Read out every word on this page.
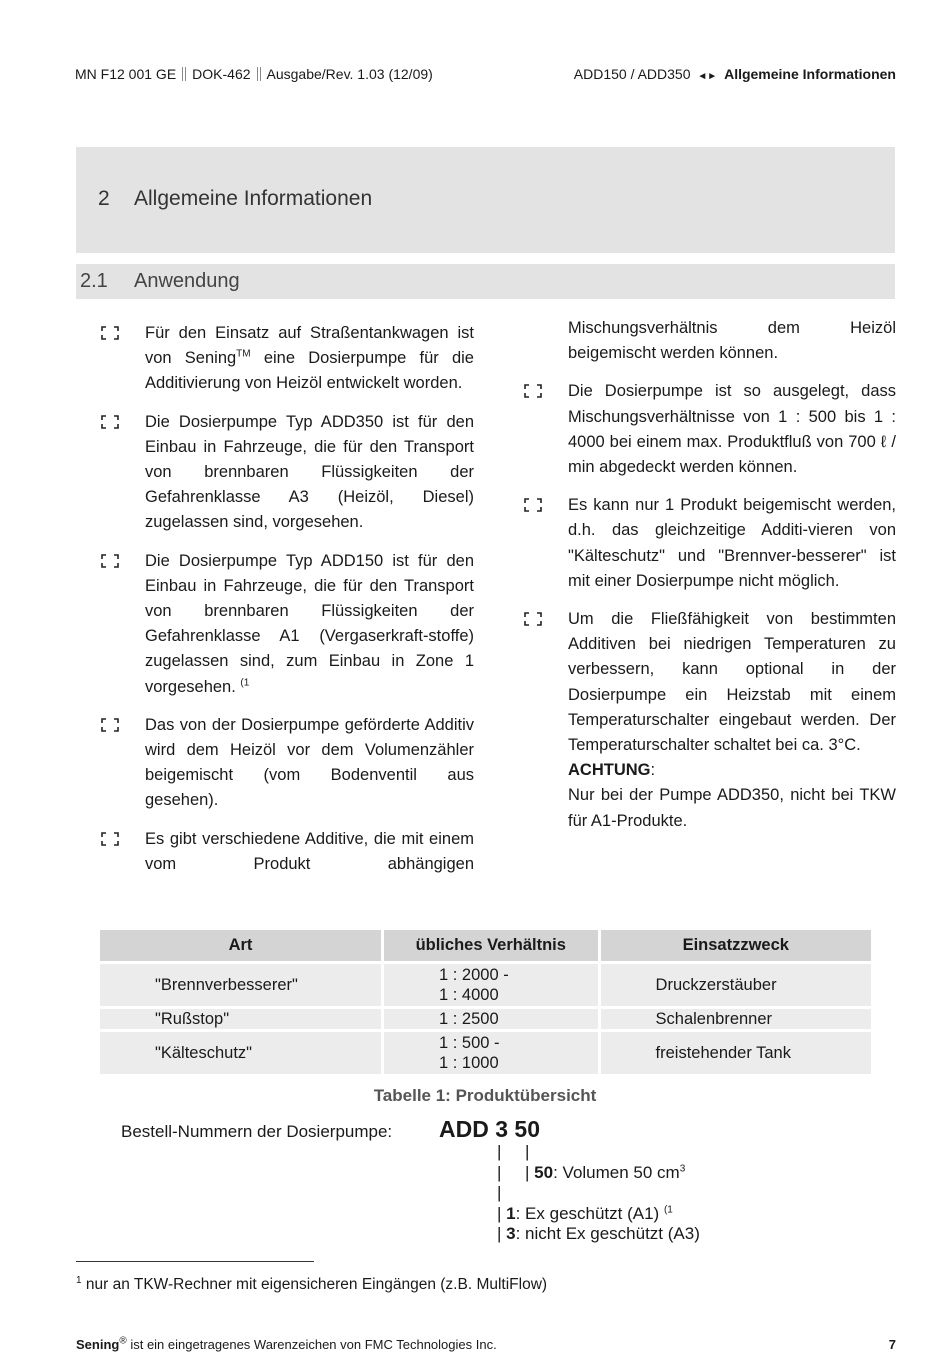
MN F12 001 GE DOK-462 Ausgabe/Rev. 1.03 (12/09)	ADD150 / ADD350 ◄► Allgemeine Informationen
2 Allgemeine Informationen
2.1 Anwendung

Für den Einsatz auf Straßentankwagen ist von Sening™ eine Dosierpumpe für die Additivierung von Heizöl entwickelt worden.

Die Dosierpumpe Typ ADD350 ist für den Einbau in Fahrzeuge, die für den Transport von brennbaren Flüssigkeiten der Gefahrenklasse A3 (Heizöl, Diesel) zugelassen sind, vorgesehen.

Die Dosierpumpe Typ ADD150 ist für den Einbau in Fahrzeuge, die für den Transport von brennbaren Flüssigkeiten der Gefahrenklasse A1 (Vergaserkraft-stoffe) zugelassen sind, zum Einbau in Zone 1 vorgesehen. $^{(1}$

Das von der Dosierpumpe geförderte Additiv wird dem Heizöl vor dem Volumenzähler beigemischt (vom Bodenventil aus gesehen).

Es gibt verschiedene Additive, die mit einem vom Produkt abhängigen

Mischungsverhältnis dem Heizöl beigemischt werden können.

Die Dosierpumpe ist so ausgelegt, dass Mischungsverhältnisse von 1 : 500 bis 1 : 4000 bei einem max. Produktfluß von 700 ℓ / min abgedeckt werden können.

Es kann nur 1 Produkt beigemischt werden, d.h. das gleichzeitige Additi-vieren von "Kälteschutz" und "Brennver-besserer" ist mit einer Dosierpumpe nicht möglich.

Um die Fließfähigkeit von bestimmten Additiven bei niedrigen Temperaturen zu verbessern, kann optional in der Dosierpumpe ein Heizstab mit einem Temperaturschalter eingebaut werden. Der Temperaturschalter schaltet bei ca. 3°C.

ACHTUNG:

Nur bei der Pumpe ADD350, nicht bei TKW für A1-Produkte.

Art	übliches Verhältnis	Einsatzzweck
"Brennverbesserer"	1 : 2000 -
1 : 4000	Druckzerstäuber
"Rußstop"	1 : 2500	Schalenbrenner
"Kälteschutz"	1 : 500 -
1 : 1000	freistehender Tank
Tabelle 1: Produktübersicht
Bestell-Nummern der Dosierpumpe: ADD 3 50
|     |
|     | 50: Volumen 50 $cm^3$
|
| 1: Ex geschützt (A1) $^{(1}$
| 3: nicht Ex geschützt (A3)
$^1$ nur an TKW-Rechner mit eigensicheren Eingängen (z.B. MultiFlow)
Sening® ist ein eingetragenes Warenzeichen von FMC Technologies Inc.	7
